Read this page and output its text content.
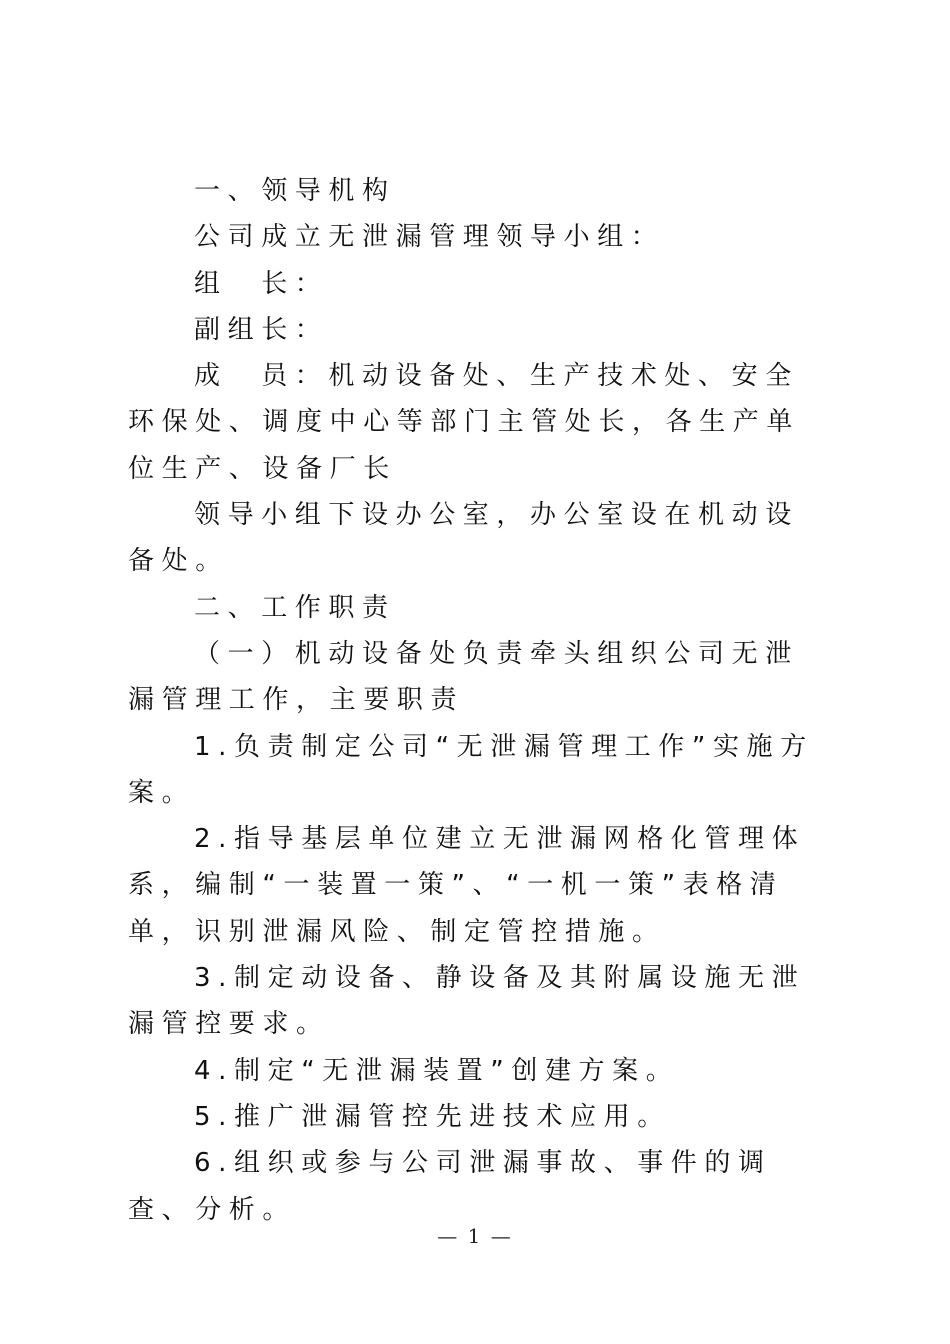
一、领导机构

公司成立无泄漏管理领导小组：

组　长：

副组长：

成　员：机动设备处、生产技术处、安全环保处、调度中心等部门主管处长，各生产单位生产、设备厂长

领导小组下设办公室，办公室设在机动设备处。

二、工作职责

（一）机动设备处负责牵头组织公司无泄漏管理工作，主要职责

1.负责制定公司“无泄漏管理工作”实施方案。

2.指导基层单位建立无泄漏网格化管理体系，编制“一装置一策”、“一机一策”表格清单，识别泄漏风险、制定管控措施。

3.制定动设备、静设备及其附属设施无泄漏管控要求。

4.制定“无泄漏装置”创建方案。

5.推广泄漏管控先进技术应用。

6.组织或参与公司泄漏事故、事件的调查、分析。

— 1 —
